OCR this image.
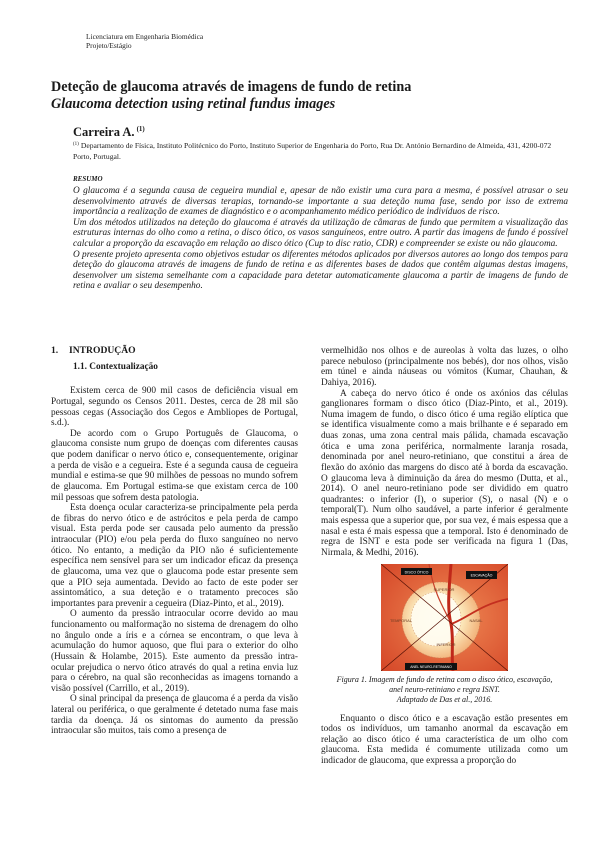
Licenciatura em Engenharia Biomédica
Projeto/Estágio

Deteção de glaucoma através de imagens de fundo de retina

Glaucoma detection using retinal fundus images

Carreira A. $^{(1)}$
$^{(1)}$ Departamento de Física, Instituto Politécnico do Porto, Instituto Superior de Engenharia do Porto, Rua Dr. António Bernardino de Almeida, 431, 4200-072 Porto, Portugal.
RESUMO

O glaucoma é a segunda causa de cegueira mundial e, apesar de não existir uma cura para a mesma, é possível atrasar o seu desenvolvimento através de diversas terapias, tornando-se importante a sua deteção numa fase, sendo por isso de extrema importância a realização de exames de diagnóstico e o acompanhamento médico periódico de indivíduos de risco.

Um dos métodos utilizados na deteção do glaucoma é através da utilização de câmaras de fundo que permitem a visualização das estruturas internas do olho como a retina, o disco ótico, os vasos sanguíneos, entre outro. A partir das imagens de fundo é possível calcular a proporção da escavação em relação ao disco ótico (Cup to disc ratio, CDR) e compreender se existe ou não glaucoma.

O presente projeto apresenta como objetivos estudar os diferentes métodos aplicados por diversos autores ao longo dos tempos para deteção do glaucoma através de imagens de fundo de retina e as diferentes bases de dados que contêm algumas destas imagens, desenvolver um sistema semelhante com a capacidade para detetar automaticamente glaucoma a partir de imagens de fundo de retina e avaliar o seu desempenho.

1. INTRODUÇÃO
1.1. Contextualização

Existem cerca de 900 mil casos de deficiência visual em Portugal, segundo os Censos 2011. Destes, cerca de 28 mil são pessoas cegas (Associação dos Cegos e Ambliopes de Portugal, s.d.).

De acordo com o Grupo Português de Glaucoma, o glaucoma consiste num grupo de doenças com diferentes causas que podem danificar o nervo ótico e, consequentemente, originar a perda de visão e a cegueira. Este é a segunda causa de cegueira mundial e estima-se que 90 milhões de pessoas no mundo sofrem de glaucoma. Em Portugal estima-se que existam cerca de 100 mil pessoas que sofrem desta patologia.

Esta doença ocular caracteriza-se principalmente pela perda de fibras do nervo ótico e de astrócitos e pela perda de campo visual. Esta perda pode ser causada pelo aumento da pressão intraocular (PIO) e/ou pela perda do fluxo sanguíneo no nervo ótico. No entanto, a medição da PIO não é suficientemente específica nem sensível para ser um indicador eficaz da presença de glaucoma, uma vez que o glaucoma pode estar presente sem que a PIO seja aumentada. Devido ao facto de este poder ser assintomático, a sua deteção e o tratamento precoces são importantes para prevenir a cegueira (Diaz-Pinto, et al., 2019).

O aumento da pressão intraocular ocorre devido ao mau funcionamento ou malformação no sistema de drenagem do olho no ângulo onde a íris e a córnea se encontram, o que leva à acumulação do humor aquoso, que flui para o exterior do olho (Hussain & Holambe, 2015). Este aumento da pressão intra-ocular prejudica o nervo ótico através do qual a retina envia luz para o cérebro, na qual são reconhecidas as imagens tornando a visão possível (Carrillo, et al., 2019).

O sinal principal da presença de glaucoma é a perda da visão lateral ou periférica, o que geralmente é detetado numa fase mais tardia da doença. Já os sintomas do aumento da pressão intraocular são muitos, tais como a presença de

vermelhidão nos olhos e de aureolas à volta das luzes, o olho parece nebuloso (principalmente nos bebés), dor nos olhos, visão em túnel e ainda náuseas ou vómitos (Kumar, Chauhan, & Dahiya, 2016).

A cabeça do nervo ótico é onde os axónios das células ganglionares formam o disco ótico (Diaz-Pinto, et al., 2019). Numa imagem de fundo, o disco ótico é uma região elíptica que se identifica visualmente como a mais brilhante e é separado em duas zonas, uma zona central mais pálida, chamada escavação ótica e uma zona periférica, normalmente laranja rosada, denominada por anel neuro-retiniano, que constitui a área de flexão do axónio das margens do disco até à borda da escavação. O glaucoma leva à diminuição da área do mesmo (Dutta, et al., 2014). O anel neuro-retiniano pode ser dividido em quatro quadrantes: o inferior (I), o superior (S), o nasal (N) e o temporal(T). Num olho saudável, a parte inferior é geralmente mais espessa que a superior que, por sua vez, é mais espessa que a nasal e esta é mais espessa que a temporal. Isto é denominado de regra de ISNT e esta pode ser verificada na figura 1 (Das, Nirmala, & Medhi, 2016).

DISCO ÓTICO
ESCAVAÇÃO
SUPERIOR
TEMPORAL	NASAL
INFERIOR
ANEL NEURO-RETINIANO
Figura 1. Imagem de fundo de retina com o disco ótico, escavação,
anel neuro-retiniano e regra ISNT.
Adaptado de Das et al., 2016.

Enquanto o disco ótico e a escavação estão presentes em todos os indivíduos, um tamanho anormal da escavação em relação ao disco ótico é uma característica de um olho com glaucoma. Esta medida é comumente utilizada como um indicador de glaucoma, que expressa a proporção do
